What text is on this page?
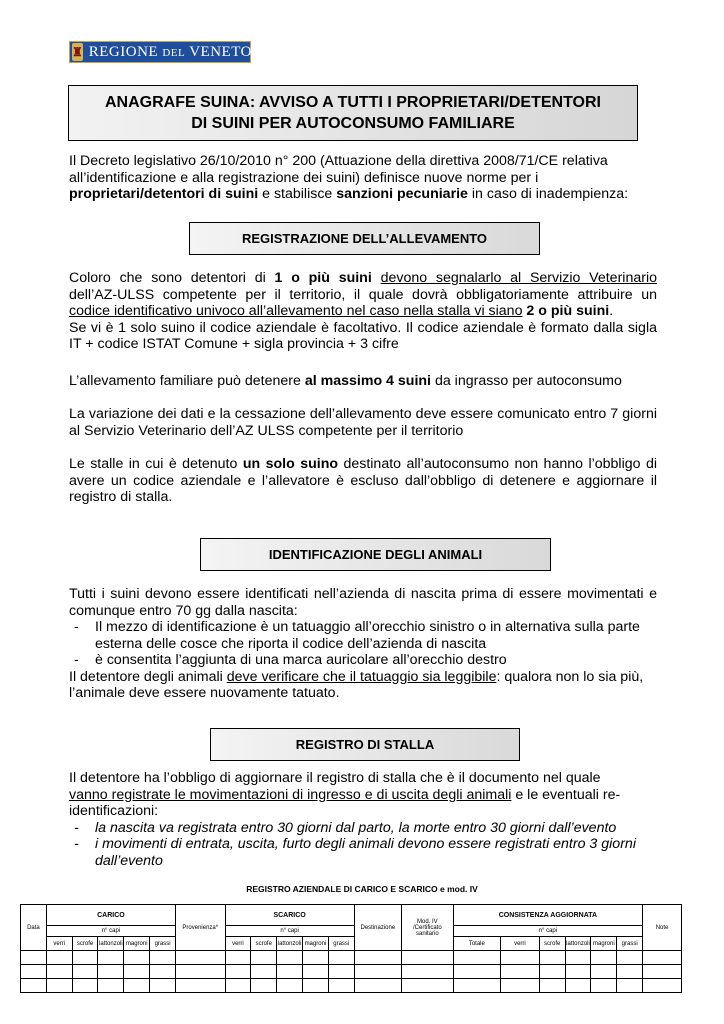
♜ REGIONE DEL VENETO
ANAGRAFE SUINA: AVVISO A TUTTI I PROPRIETARI/DETENTORI
DI SUINI PER AUTOCONSUMO FAMILIARE

Il Decreto legislativo 26/10/2010 n° 200 (Attuazione della direttiva 2008/71/CE relativa

all’identificazione e alla registrazione dei suini) definisce nuove norme per i

proprietari/detentori di suini e stabilisce sanzioni pecuniarie in caso di inadempienza:

REGISTRAZIONE DELL’ALLEVAMENTO

Coloro che sono detentori di 1 o più suini devono segnalarlo al Servizio Veterinario

dell’AZ-ULSS competente per il territorio, il quale dovrà obbligatoriamente attribuire un

codice identificativo univoco all’allevamento nel caso nella stalla vi siano 2 o più suini.

Se vi è 1 solo suino il codice aziendale è facoltativo. Il codice aziendale è formato dalla sigla IT + codice ISTAT Comune + sigla provincia + 3 cifre

L’allevamento familiare può detenere al massimo 4 suini da ingrasso per autoconsumo

La variazione dei dati e la cessazione dell’allevamento deve essere comunicato entro 7 giorni al Servizio Veterinario dell’AZ ULSS competente per il territorio
Le stalle in cui è detenuto un solo suino destinato all’autoconsumo non hanno l’obbligo di avere un codice aziendale e l’allevatore è escluso dall’obbligo di detenere e aggiornare il registro di stalla.
IDENTIFICAZIONE DEGLI ANIMALI

Tutti i suini devono essere identificati nell’azienda di nascita prima di essere movimentati e comunque entro 70 gg dalla nascita:

- Il mezzo di identificazione è un tatuaggio all’orecchio sinistro o in alternativa sulla parte esterna delle cosce che riporta il codice dell’azienda di nascita
- è consentita l’aggiunta di una marca auricolare all’orecchio destro

Il detentore degli animali deve verificare che il tatuaggio sia leggibile: qualora non lo sia più, l’animale deve essere nuovamente tatuato.

REGISTRO DI STALLA

Il detentore ha l’obbligo di aggiornare il registro di stalla che è il documento nel quale
vanno registrate le movimentazioni di ingresso e di uscita degli animali e le eventuali re-identificazioni:

- la nascita va registrata entro 30 giorni dal parto, la morte entro 30 giorni dall’evento
- i movimenti di entrata, uscita, furto degli animali devono essere registrati entro 3 giorni dall’evento
REGISTRO AZIENDALE DI CARICO E SCARICO e mod. IV
Data	CARICO					Provenienza*	SCARICO					Destinazione	Mod. IV /Certificato sanitario	CONSISTENZA AGGIORNATA						Note
	n° capi						n° capi							n° capi						
	verri	scrofe	lattonzoli	magroni	grassi		verri	scrofe	lattonzoli	magroni	grassi			Totale	verri	scrofe	lattonzoli	magroni	grassi	
